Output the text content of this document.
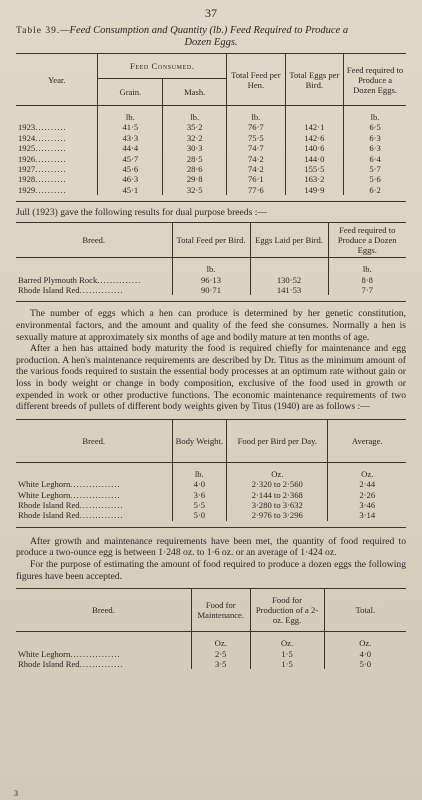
37
Table 39.—Feed Consumption and Quantity (lb.) Feed Required to Produce a
Dozen Eggs.
Year.	Feed Consumed.		Total Feed per Hen.	Total Eggs per Bird.	Feed required to Produce a Dozen Eggs.
	Grain.	Mash.			
	lb.	lb.	lb.		lb.
1923..........	41·5	35·2	76·7	142·1	6·5
1924..........	43·3	32·2	75·5	142·6	6·3
1925..........	44·4	30·3	74·7	140·6	6·3
1926..........	45·7	28·5	74·2	144·0	6·4
1927..........	45·6	28·6	74·2	155·5	5·7
1928..........	46·3	29·8	76·1	163·2	5·6
1929..........	45·1	32·5	77·6	149·9	6·2

Jull (1923) gave the following results for dual purpose breeds :—
Breed.	Total Feed per Bird.	Eggs Laid per Bird.	Feed required to Produce a Dozen Eggs.
	lb.		lb.
Barred Plymouth Rock..............	96·13	130·52	8·8
Rhode Island Red..............	90·71	141·53	7·7

The number of eggs which a hen can produce is determined by her genetic constitution, environmental factors, and the amount and quality of the feed she consumes. Normally a hen is sexually mature at approximately six months of age and bodily mature at ten months of age.

After a hen has attained body maturity the food is required chiefly for maintenance and egg production. A hen's maintenance requirements are described by Dr. Titus as the minimum amount of the various foods required to sustain the essential body processes at an optimum rate without gain or loss in body weight or change in body composition, exclusive of the food used in growth or expended in work or other productive functions. The economic maintenance requirements of two different breeds of pullets of different body weights given by Titus (1940) are as follows :—

Breed.	Body Weight.	Food per Bird per Day.	Average.
	lb.	Oz.	Oz.
White Leghorn................	4·0	2·320 to 2·560	2·44
White Leghorn................	3·6	2·144 to 2·368	2·26
Rhode Island Red..............	5·5	3·280 to 3·632	3·46
Rhode Island Red..............	5·0	2·976 to 3·296	3·14

After growth and maintenance requirements have been met, the quantity of food required to produce a two-ounce egg is between 1·248 oz. to 1·6 oz. or an average of 1·424 oz.

For the purpose of estimating the amount of food required to produce a dozen eggs the following figures have been accepted.

Breed.	Food for Maintenance.	Food for Production of a 2-oz. Egg.	Total.
	Oz.	Oz.	Oz.
White Leghorn................	2·5	1·5	4·0
Rhode Island Red..............	3·5	1·5	5·0
3
